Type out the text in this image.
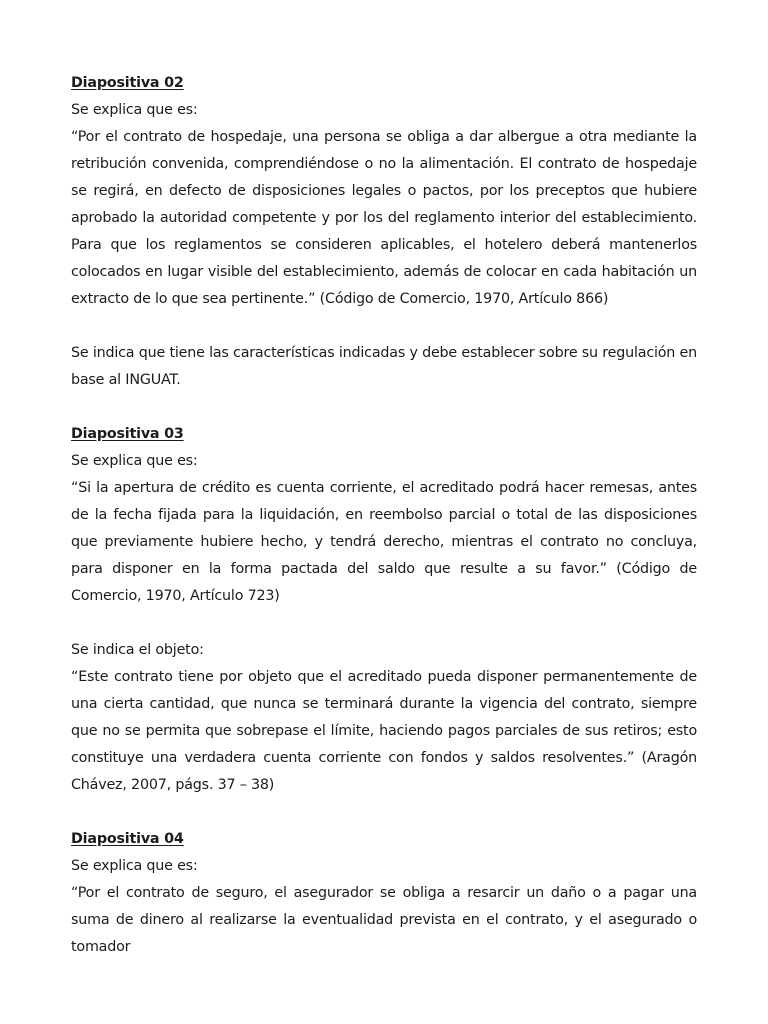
Diapositiva 02

Se explica que es:

“Por el contrato de hospedaje, una persona se obliga a dar albergue a otra mediante la retribución convenida, comprendiéndose o no la alimentación. El contrato de hospedaje se regirá, en defecto de disposiciones legales o pactos, por los preceptos que hubiere aprobado la autoridad competente y por los del reglamento interior del establecimiento. Para que los reglamentos se consideren aplicables, el hotelero deberá mantenerlos colocados en lugar visible del establecimiento, además de colocar en cada habitación un extracto de lo que sea pertinente.” (Código de Comercio, 1970, Artículo 866)

Se indica que tiene las características indicadas y debe establecer sobre su regulación en base al INGUAT.

Diapositiva 03

Se explica que es:

“Si la apertura de crédito es cuenta corriente, el acreditado podrá hacer remesas, antes de la fecha fijada para la liquidación, en reembolso parcial o total de las disposiciones que previamente hubiere hecho, y tendrá derecho, mientras el contrato no concluya, para disponer en la forma pactada del saldo que resulte a su favor.” (Código de Comercio, 1970, Artículo 723)

Se indica el objeto:

“Este contrato tiene por objeto que el acreditado pueda disponer permanentemente de una cierta cantidad, que nunca se terminará durante la vigencia del contrato, siempre que no se permita que sobrepase el límite, haciendo pagos parciales de sus retiros; esto constituye una verdadera cuenta corriente con fondos y saldos resolventes.” (Aragón Chávez, 2007, págs. 37 – 38)

Diapositiva 04

Se explica que es:

“Por el contrato de seguro, el asegurador se obliga a resarcir un daño o a pagar una suma de dinero al realizarse la eventualidad prevista en el contrato, y el asegurado o tomador
